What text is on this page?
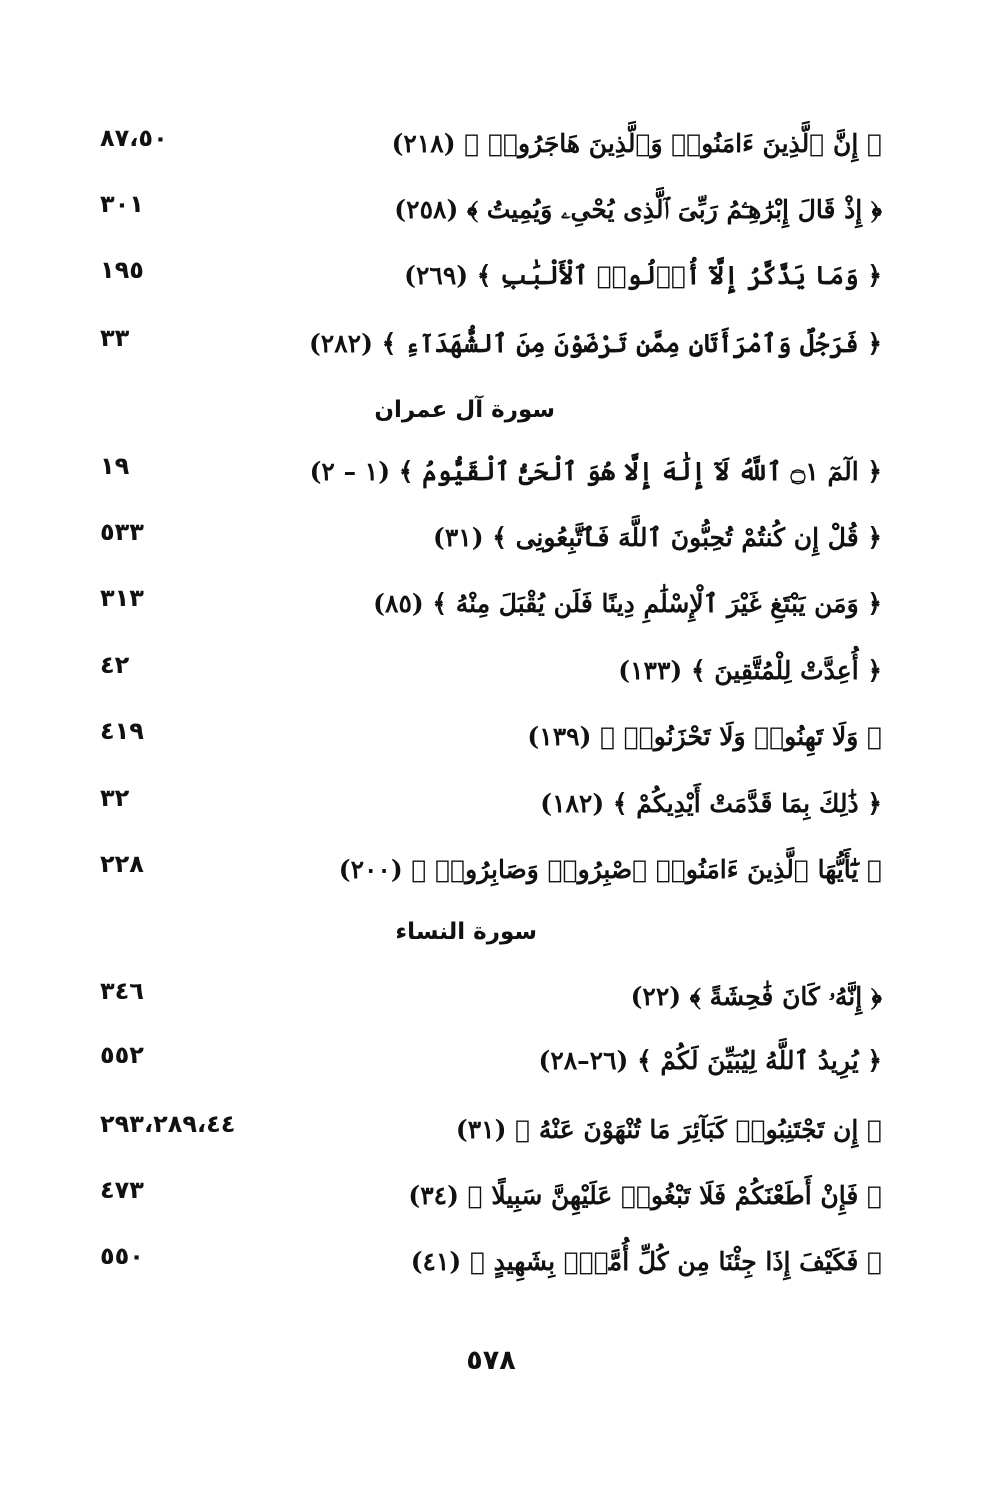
﴿ إِنَّ ٱلَّذِينَ ءَامَنُوا۟ وَٱلَّذِينَ هَاجَرُوا۟ ﴾ (٢١٨)
٨٧،٥٠
﴿ إِذْ قَالَ إِبْرَٰهِـۧمُ رَبِّىَ ٱلَّذِى يُحْىِۦ وَيُمِيتُ ﴾ (٢٥٨)
٣٠١
﴿ وَمَا يَذَّكَّرُ إِلَّآ أُو۟لُوا۟ ٱلْأَلْبَٰبِ ﴾ (٢٦٩)
١٩٥
﴿ فَرَجُلٌ وَٱمْرَأَتَانِ مِمَّن تَرْضَوْنَ مِنَ ٱلشُّهَدَآءِ ﴾ (٢٨٢)
٣٣
سورة آل عمران
﴿ الٓمٓ ۝١ ٱللَّهُ لَآ إِلَٰهَ إِلَّا هُوَ ٱلْحَىُّ ٱلْقَيُّومُ ﴾ (١ – ٢)
١٩
﴿ قُلْ إِن كُنتُمْ تُحِبُّونَ ٱللَّهَ فَٱتَّبِعُونِى ﴾ (٣١)
٥٣٣
﴿ وَمَن يَبْتَغِ غَيْرَ ٱلْإِسْلَٰمِ دِينًا فَلَن يُقْبَلَ مِنْهُ ﴾ (٨٥)
٣١٣
﴿ أُعِدَّتْ لِلْمُتَّقِينَ ﴾ (١٣٣)
٤٢
﴿ وَلَا تَهِنُوا۟ وَلَا تَحْزَنُوا۟ ﴾ (١٣٩)
٤١٩
﴿ ذَٰلِكَ بِمَا قَدَّمَتْ أَيْدِيكُمْ ﴾ (١٨٢)
٣٢
﴿ يَٰٓأَيُّهَا ٱلَّذِينَ ءَامَنُوا۟ ٱصْبِرُوا۟ وَصَابِرُوا۟ ﴾ (٢٠٠)
٢٢٨
سورة النساء
﴿ إِنَّهُۥ كَانَ فَٰحِشَةً ﴾ (٢٢)
٣٤٦
﴿ يُرِيدُ ٱللَّهُ لِيُبَيِّنَ لَكُمْ ﴾ (٢٦–٢٨)
٥٥٢
﴿ إِن تَجْتَنِبُوا۟ كَبَآئِرَ مَا تُنْهَوْنَ عَنْهُ ﴾ (٣١)
٢٩٣،٢٨٩،٤٤
﴿ فَإِنْ أَطَعْنَكُمْ فَلَا تَبْغُوا۟ عَلَيْهِنَّ سَبِيلًا ﴾ (٣٤)
٤٧٣
﴿ فَكَيْفَ إِذَا جِئْنَا مِن كُلِّ أُمَّةٍۭ بِشَهِيدٍ ﴾ (٤١)
٥٥٠
٥٧٨
